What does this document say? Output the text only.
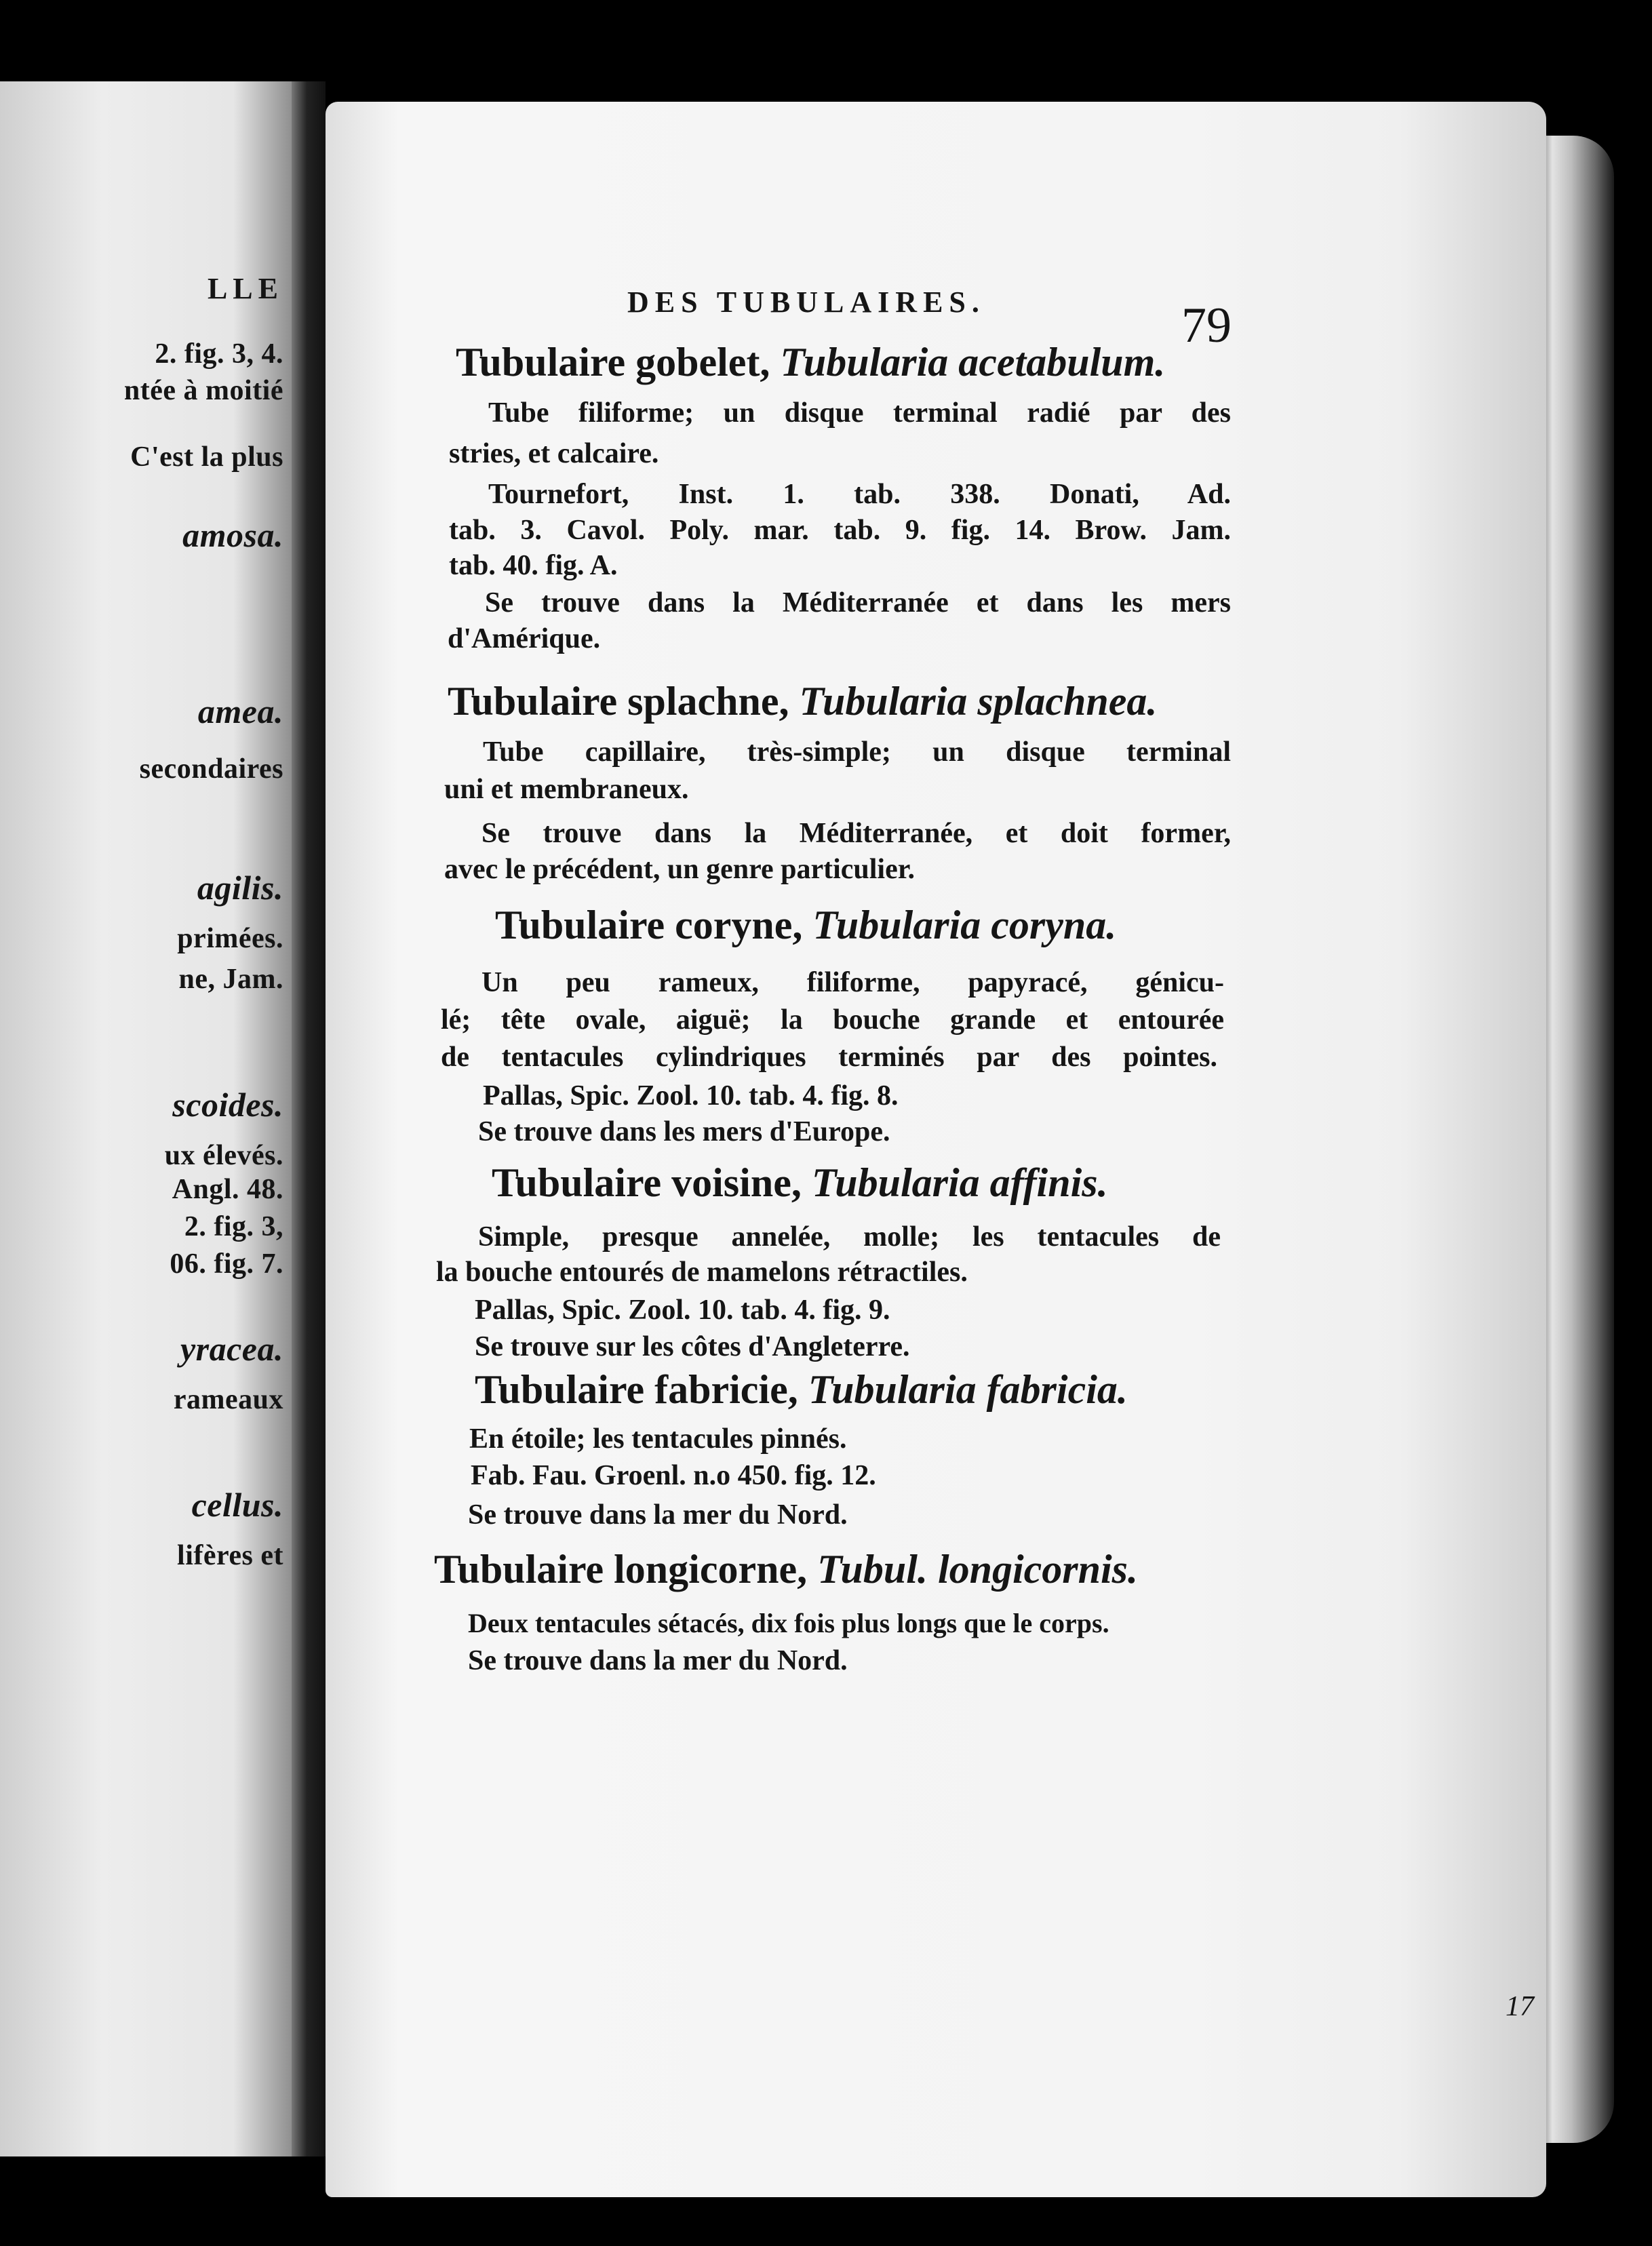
LLE
2. fig. 3, 4.
ntée à moitié
C'est la plus
amosa.
amea.
secondaires
agilis.
primées.
ne, Jam.
scoides.
ux élevés.
Angl. 48.
2. fig. 3,
06. fig. 7.
yracea.
rameaux
cellus.
lifères et
DES TUBULAIRES.	79
Tubulaire gobelet, Tubularia acetabulum.
Tube filiforme; un disque terminal radié par des
stries, et calcaire.
Tournefort, Inst. 1. tab. 338. Donati, Ad.
tab. 3. Cavol. Poly. mar. tab. 9. fig. 14. Brow. Jam.
tab. 40. fig. A.
Se trouve dans la Méditerranée et dans les mers
d'Amérique.
Tubulaire splachne, Tubularia splachnea.
Tube capillaire, très-simple; un disque terminal
uni et membraneux.
Se trouve dans la Méditerranée, et doit former,
avec le précédent, un genre particulier.
Tubulaire coryne, Tubularia coryna.
Un peu rameux, filiforme, papyracé, génicu-
lé; tête ovale, aiguë; la bouche grande et entourée
de tentacules cylindriques terminés par des pointes.
Pallas, Spic. Zool. 10. tab. 4. fig. 8.
Se trouve dans les mers d'Europe.
Tubulaire voisine, Tubularia affinis.
Simple, presque annelée, molle; les tentacules de
la bouche entourés de mamelons rétractiles.
Pallas, Spic. Zool. 10. tab. 4. fig. 9.
Se trouve sur les côtes d'Angleterre.
Tubulaire fabricie, Tubularia fabricia.
En étoile; les tentacules pinnés.
Fab. Fau. Groenl. n.o 450. fig. 12.
Se trouve dans la mer du Nord.
Tubulaire longicorne, Tubul. longicornis.
Deux tentacules sétacés, dix fois plus longs que le corps.
Se trouve dans la mer du Nord.
17
